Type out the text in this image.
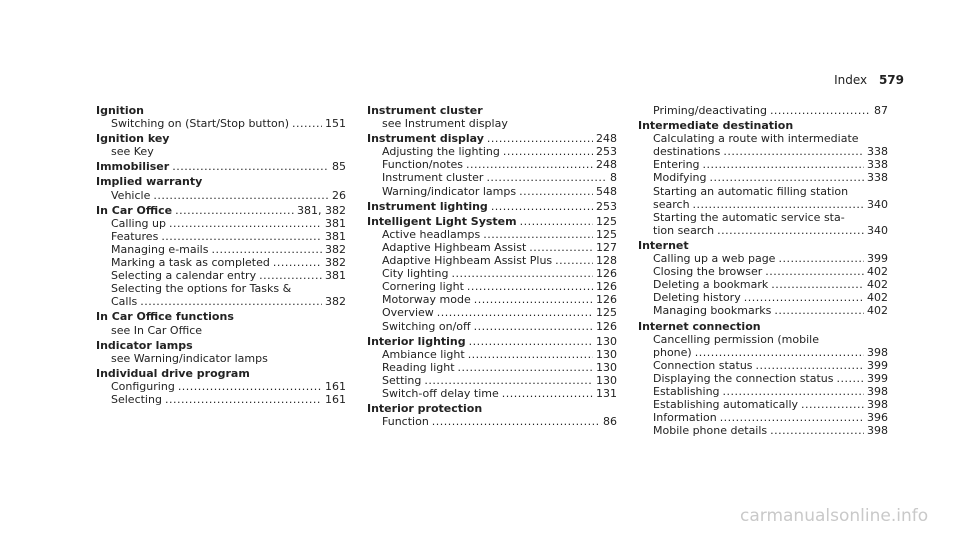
Index 579
Ignition
Switching on (Start/Stop button) .....	151
Ignition key
see Key
Immobiliser .....	85
Implied warranty
Vehicle .....	26
In Car Office .....	381, 382
Calling up .....	381
Features .....	381
Managing e-mails .....	382
Marking a task as completed .....	382
Selecting a calendar entry .....	381
Selecting the options for Tasks &
Calls .....	382
In Car Office functions
see In Car Office
Indicator lamps
see Warning/indicator lamps
Individual drive program
Configuring .....	161
Selecting .....	161
Instrument cluster
see Instrument display
Instrument display .....	248
Adjusting the lighting .....	253
Function/notes .....	248
Instrument cluster .....	8
Warning/indicator lamps .....	548
Instrument lighting .....	253
Intelligent Light System .....	125
Active headlamps .....	125
Adaptive Highbeam Assist .....	127
Adaptive Highbeam Assist Plus .....	128
City lighting .....	126
Cornering light .....	126
Motorway mode .....	126
Overview .....	125
Switching on/off .....	126
Interior lighting .....	130
Ambiance light .....	130
Reading light .....	130
Setting .....	130
Switch-off delay time .....	131
Interior protection
Function .....	86
Priming/deactivating .....	87
Intermediate destination
Calculating a route with intermediate
destinations .....	338
Entering .....	338
Modifying .....	338
Starting an automatic filling station
search .....	340
Starting the automatic service sta-
tion search .....	340
Internet
Calling up a web page .....	399
Closing the browser .....	402
Deleting a bookmark .....	402
Deleting history .....	402
Managing bookmarks .....	402
Internet connection
Cancelling permission (mobile
phone) .....	398
Connection status .....	399
Displaying the connection status .....	399
Establishing .....	398
Establishing automatically .....	398
Information .....	396
Mobile phone details .....	398
carmanualsonline.info
